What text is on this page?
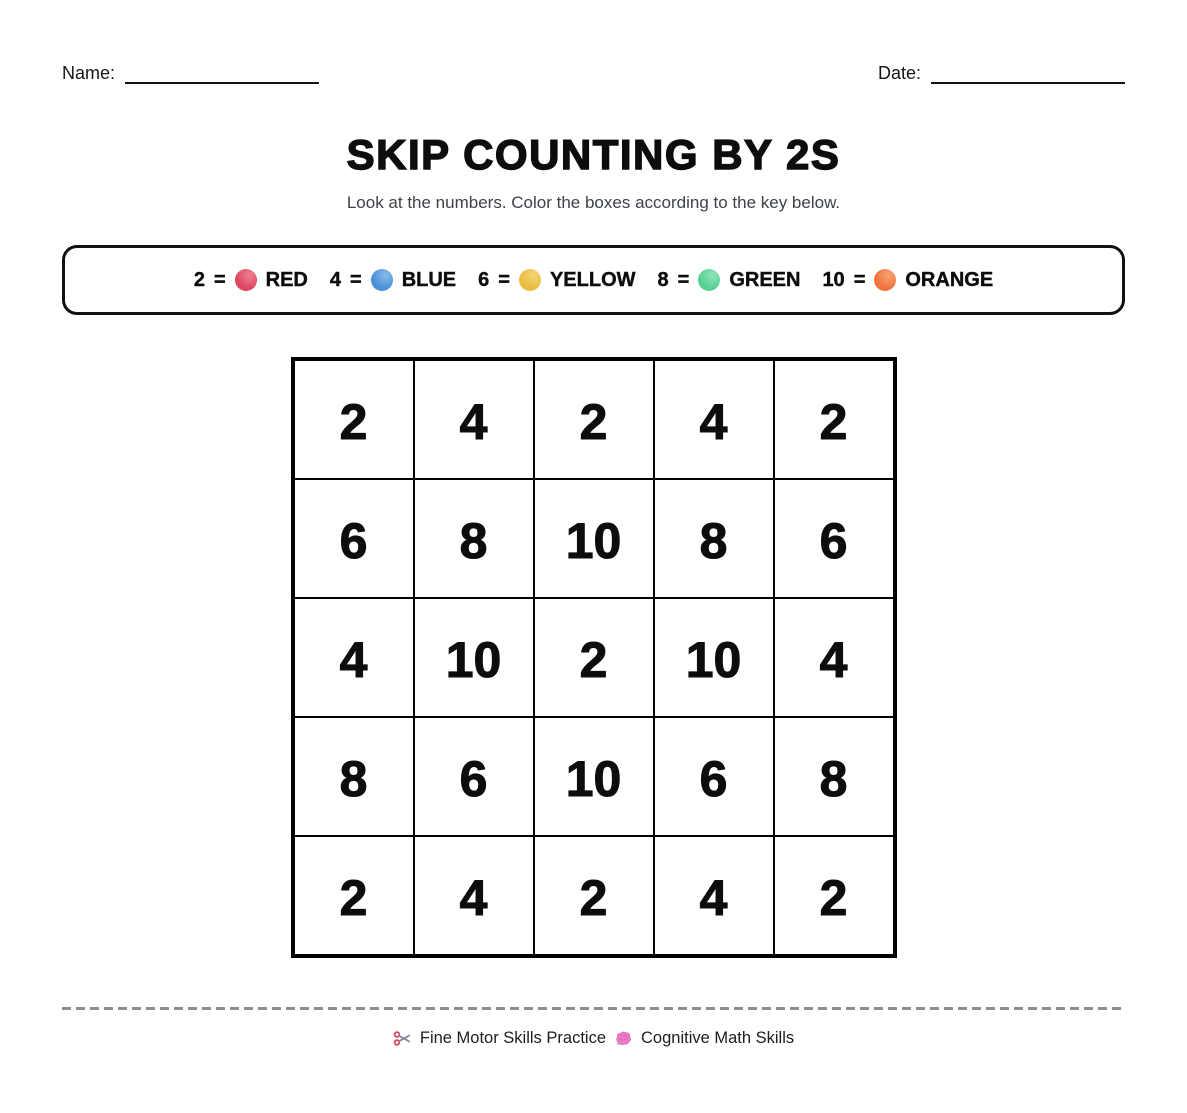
Name:	Date:
SKIP COUNTING BY 2S
Look at the numbers. Color the boxes according to the key below.
2 = RED 4 = BLUE 6 = YELLOW 8 = GREEN 10 = ORANGE
2	4	2	4	2
6	8	10	8	6
4	10	2	10	4
8	6	10	6	8
2	4	2	4	2
Fine Motor Skills Practice Cognitive Math Skills
